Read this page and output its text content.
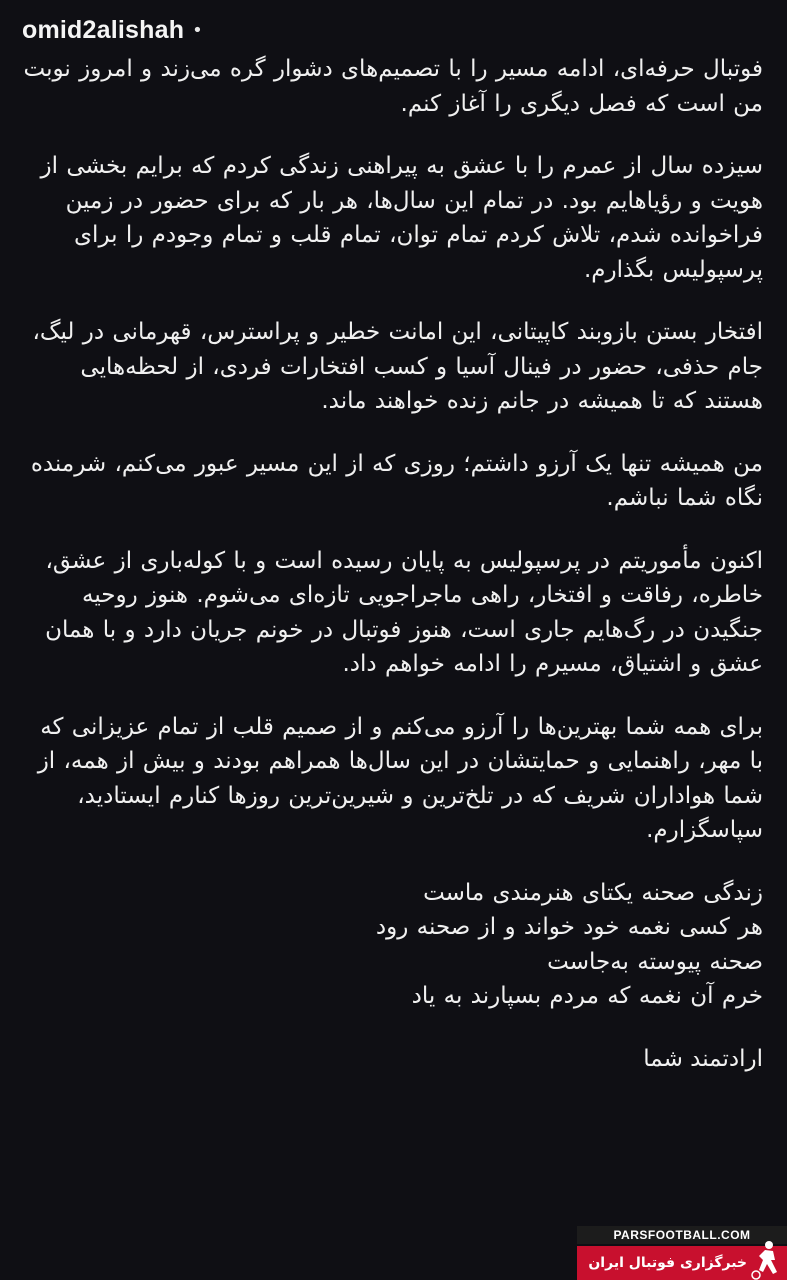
omid2alishah •

فوتبال حرفه‌ای، ادامه مسیر را با تصمیم‌های دشوار گره می‌زند و امروز نوبت من است که فصل دیگری را آغاز کنم.

سیزده سال از عمرم را با عشق به پیراهنی زندگی کردم که برایم بخشی از هویت و رؤیاهایم بود. در تمام این سال‌ها، هر بار که برای حضور در زمین فراخوانده شدم، تلاش کردم تمام توان، تمام قلب و تمام وجودم را برای پرسپولیس بگذارم.

افتخار بستن بازوبند کاپیتانی، این امانت خطیر و پراسترس، قهرمانی در لیگ، جام حذفی، حضور در فینال آسیا و کسب افتخارات فردی، از لحظه‌هایی هستند که تا همیشه در جانم زنده خواهند ماند.

من همیشه تنها یک آرزو داشتم؛ روزی که از این مسیر عبور می‌کنم، شرمنده نگاه شما نباشم.

اکنون مأموریتم در پرسپولیس به پایان رسیده است و با کوله‌باری از عشق، خاطره، رفاقت و افتخار، راهی ماجراجویی تازه‌ای می‌شوم. هنوز روحیه جنگیدن در رگ‌هایم جاری است، هنوز فوتبال در خونم جریان دارد و با همان عشق و اشتیاق، مسیرم را ادامه خواهم داد.

برای همه شما بهترین‌ها را آرزو می‌کنم و از صمیم قلب از تمام عزیزانی که با مهر، راهنمایی و حمایتشان در این سال‌ها همراهم بودند و بیش از همه، از شما هواداران شریف که در تلخ‌ترین و شیرین‌ترین روزها کنارم ایستادید، سپاسگزارم.

زندگی صحنه یکتای هنرمندی ماست
هر کسی نغمه خود خواند و از صحنه رود
صحنه پیوسته به‌جاست
خرم آن نغمه که مردم بسپارند به یاد
ارادتمند شما
PARSFOOTBALL.COM
خبرگزاری فوتبال ایران
